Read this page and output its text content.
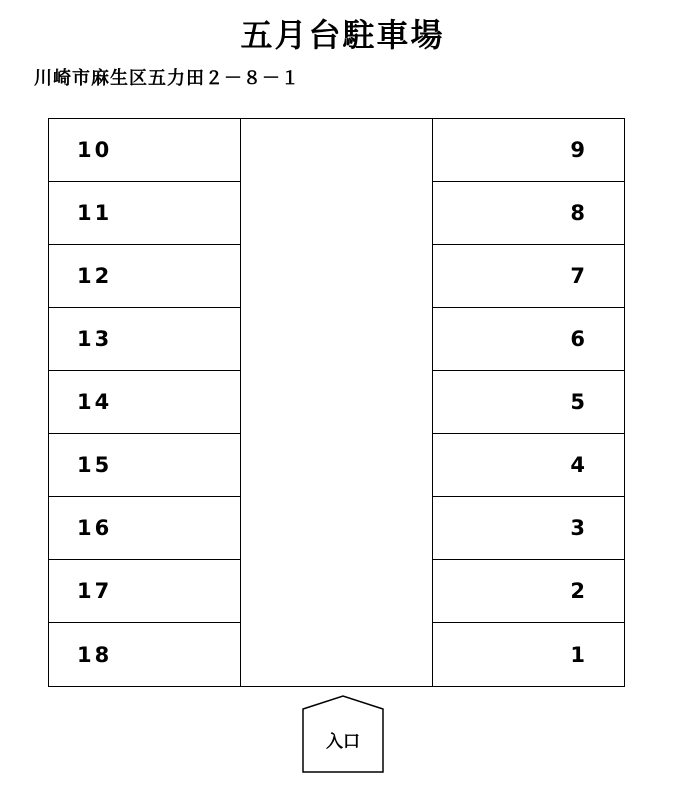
五月台駐車場
川崎市麻生区五力田２－８－１
10
11
12
13
14
15
16
17
18
9
8
7
6
5
4
3
2
1
入口
